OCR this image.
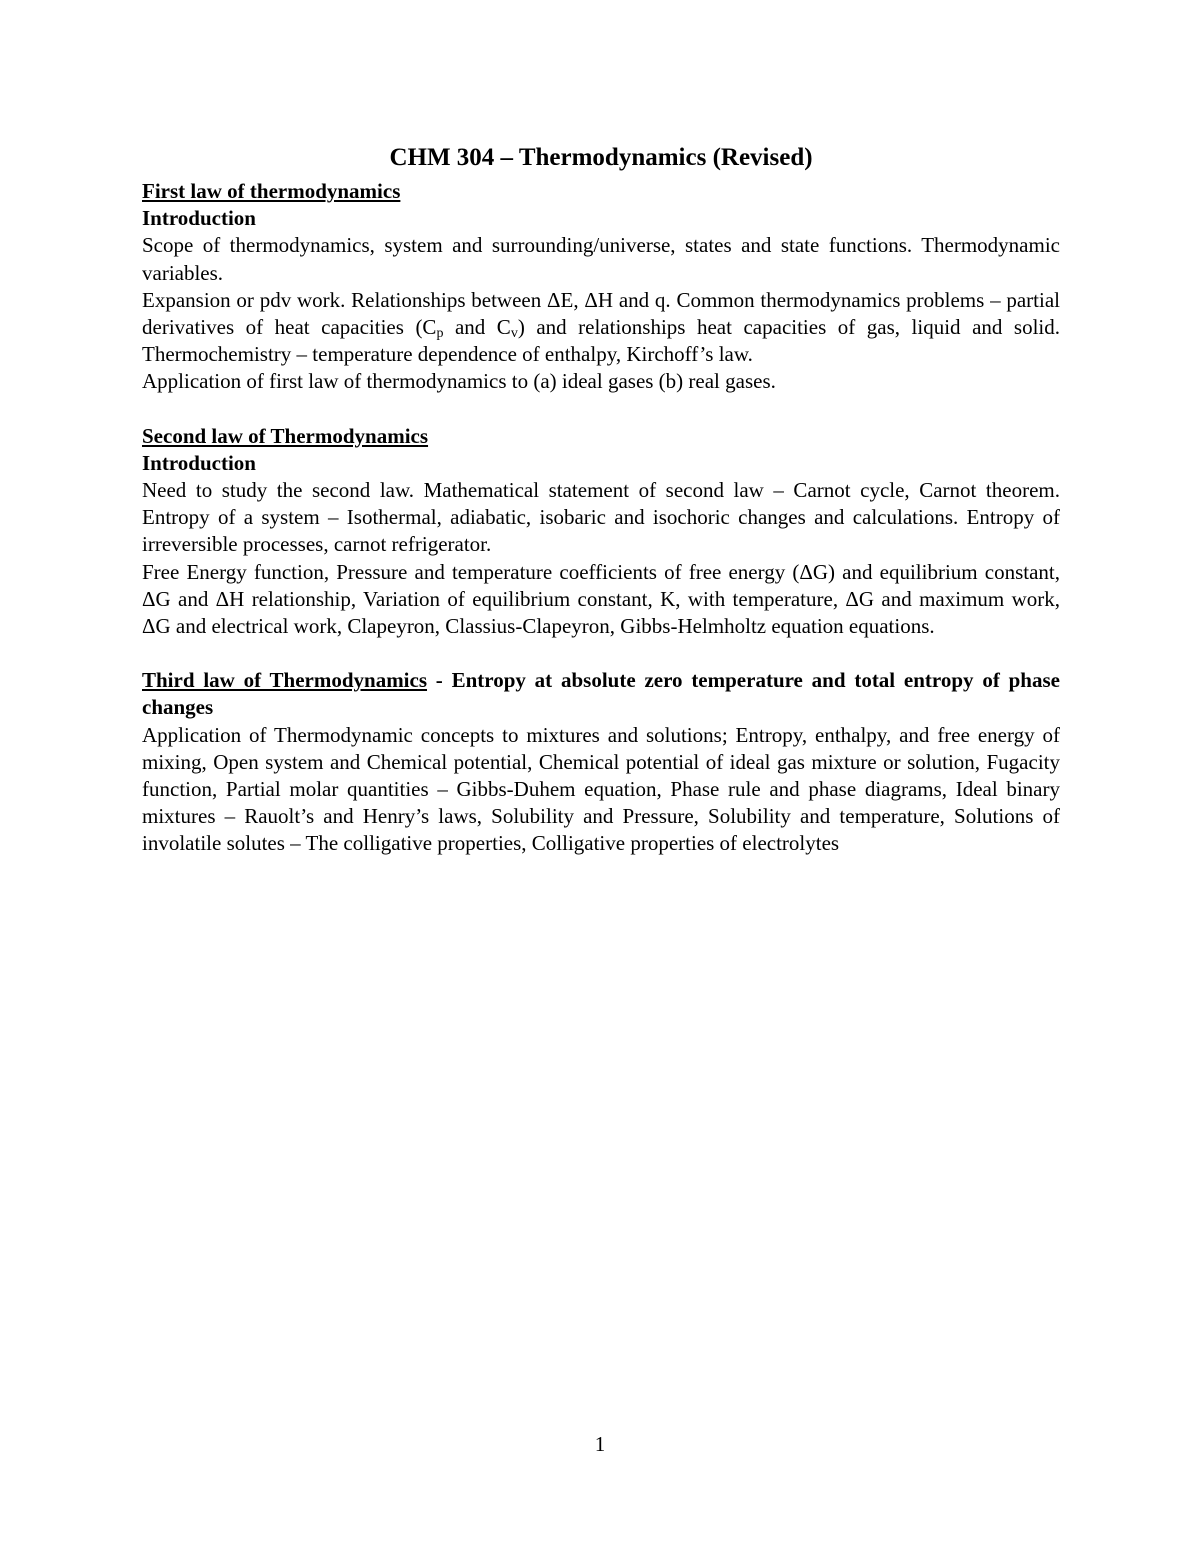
CHM 304 – Thermodynamics (Revised)

First law of thermodynamics

Introduction

Scope of thermodynamics, system and surrounding/universe, states and state functions. Thermodynamic variables.

Expansion or pdv work. Relationships between ΔE, ΔH and q. Common thermodynamics problems – partial derivatives of heat capacities ($C_p$ and $C_v$) and relationships heat capacities of gas, liquid and solid. Thermochemistry – temperature dependence of enthalpy, Kirchoff’s law.

Application of first law of thermodynamics to (a) ideal gases (b) real gases.

Second law of Thermodynamics

Introduction

Need to study the second law. Mathematical statement of second law – Carnot cycle, Carnot theorem. Entropy of a system – Isothermal, adiabatic, isobaric and isochoric changes and calculations. Entropy of irreversible processes, carnot refrigerator.

Free Energy function, Pressure and temperature coefficients of free energy (ΔG) and equilibrium constant, ΔG and ΔH relationship, Variation of equilibrium constant, K, with temperature, ΔG and maximum work, ΔG and electrical work, Clapeyron, Classius-Clapeyron, Gibbs-Helmholtz equation equations.

Third law of Thermodynamics - Entropy at absolute zero temperature and total entropy of phase changes

Application of Thermodynamic concepts to mixtures and solutions; Entropy, enthalpy, and free energy of mixing, Open system and Chemical potential, Chemical potential of ideal gas mixture or solution, Fugacity function, Partial molar quantities – Gibbs-Duhem equation, Phase rule and phase diagrams, Ideal binary mixtures – Rauolt’s and Henry’s laws, Solubility and Pressure, Solubility and temperature, Solutions of involatile solutes – The colligative properties, Colligative properties of electrolytes

1
